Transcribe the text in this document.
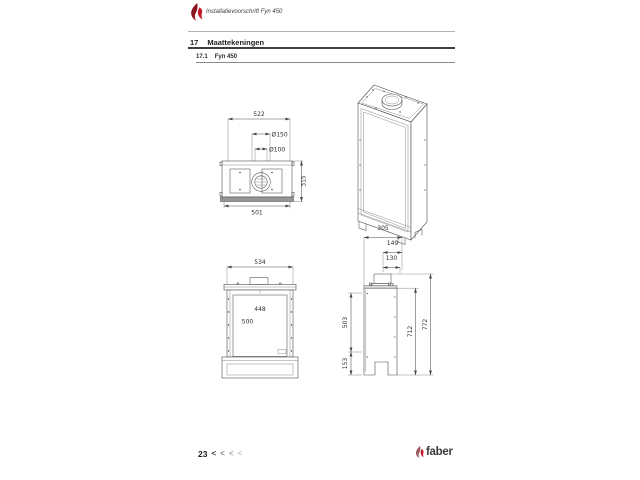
Installatievoorschrift Fyn 450
17 Maattekeningen
17.1 Fyn 450
522
Ø150
Ø100
315
501
534
448
500
305
149
130
503
153
712
772
23 < < < <	faber
